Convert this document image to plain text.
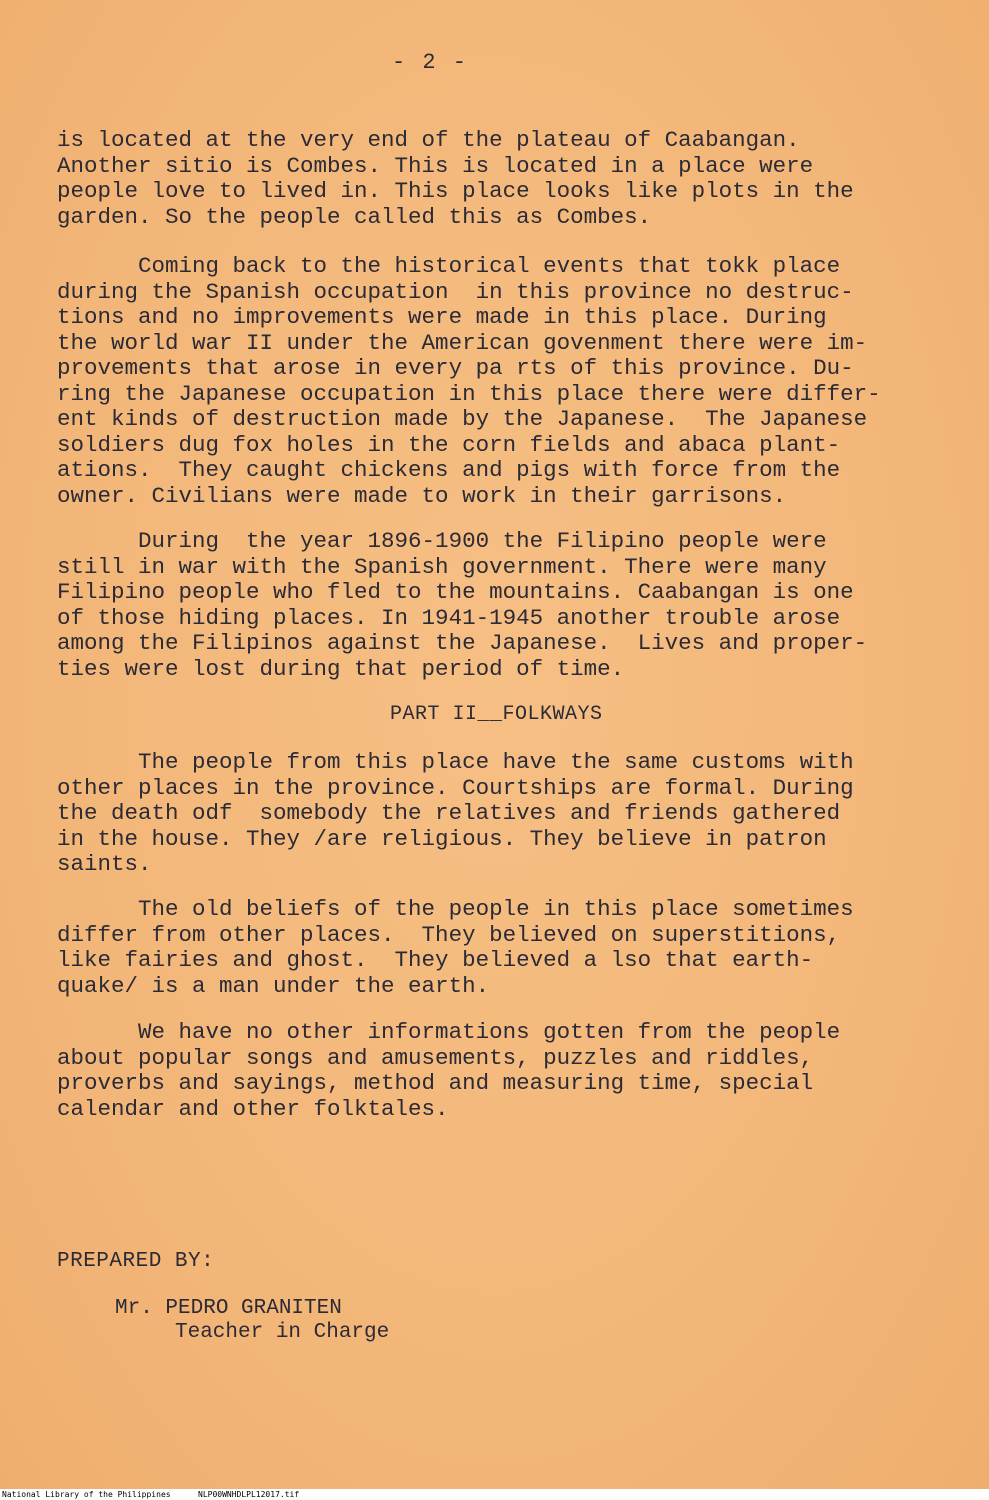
- 2 -
is located at the very end of the plateau of Caabangan.
Another sitio is Combes. This is located in a place were
people love to lived in. This place looks like plots in the
garden. So the people called this as Combes.
Coming back to the historical events that tokk place
during the Spanish occupation  in this province no destruc-
tions and no improvements were made in this place. During
the world war II under the American govenment there were im-
provements that arose in every pa rts of this province. Du-
ring the Japanese occupation in this place there were differ-
ent kinds of destruction made by the Japanese.  The Japanese
soldiers dug fox holes in the corn fields and abaca plant-
ations.  They caught chickens and pigs with force from the
owner. Civilians were made to work in their garrisons.
During  the year 1896-1900 the Filipino people were
still in war with the Spanish government. There were many
Filipino people who fled to the mountains. Caabangan is one
of those hiding places. In 1941-1945 another trouble arose
among the Filipinos against the Japanese.  Lives and proper-
ties were lost during that period of time.
PART II__FOLKWAYS
The people from this place have the same customs with
other places in the province. Courtships are formal. During
the death odf  somebody the relatives and friends gathered
in the house. They /are religious. They believe in patron
saints.
The old beliefs of the people in this place sometimes
differ from other places.  They believed on superstitions,
like fairies and ghost.  They believed a lso that earth-
quake/ is a man under the earth.
We have no other informations gotten from the people
about popular songs and amusements, puzzles and riddles,
proverbs and sayings, method and measuring time, special
calendar and other folktales.
PREPARED BY:
Mr. PEDRO GRANITEN
Teacher in Charge
National Library of the Philippines	NLP00WNHDLPL12017.tif
